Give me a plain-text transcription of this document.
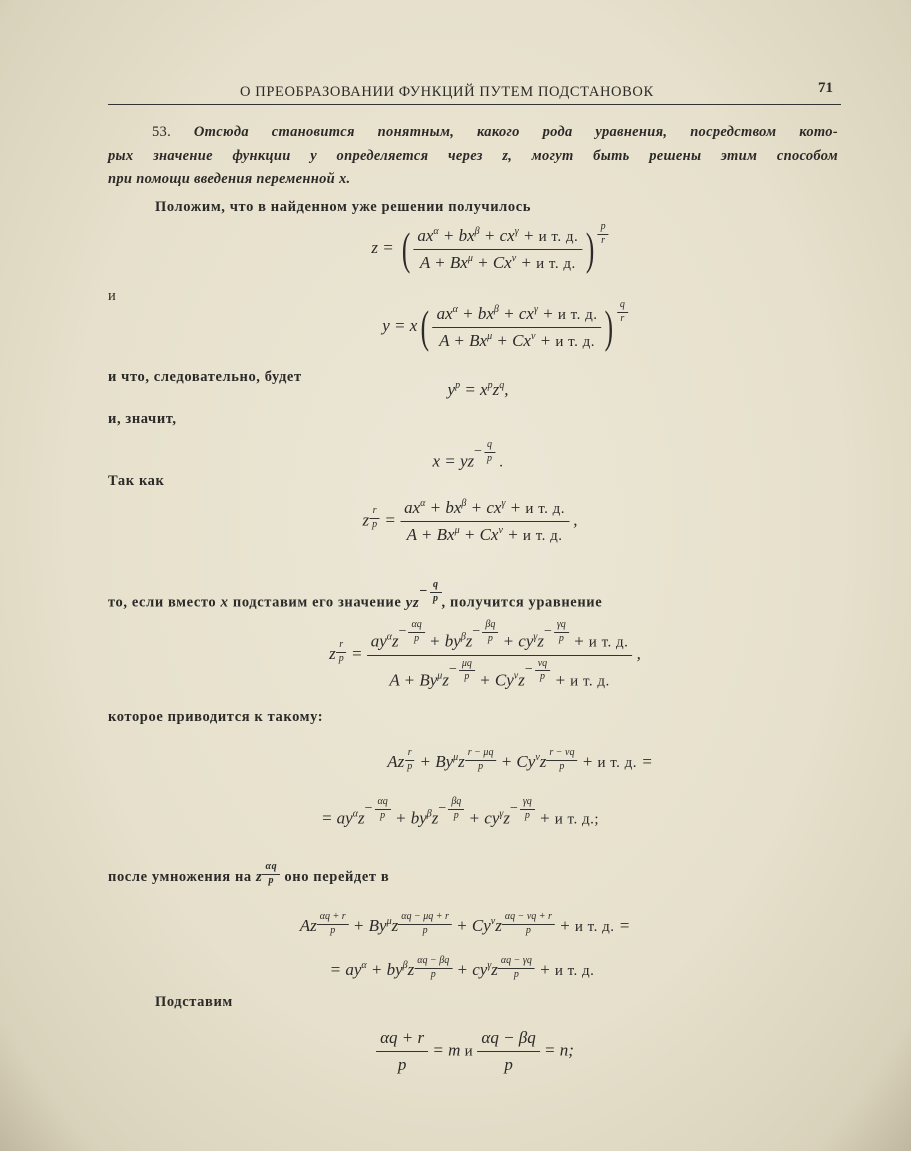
О ПРЕОБРАЗОВАНИИ ФУНКЦИЙ ПУТЕМ ПОДСТАНОВОК	71
53. Отсюда становится понятным, какого рода уравнения, посредством кото-
рых значение функции y определяется через z, могут быть решены этим способом
при помощи введения переменной x.
Положим, что в найденном уже решении получилось
z = ( $ax^\alpha + bx^\beta + cx^\gamma + и$ т. д.
$A + Bx^\mu + Cx^\nu + и$ т. д. ) $\frac{p}{r}$
и
y = x( $ax^\alpha + bx^\beta + cx^\gamma + и$ т. д.
$A + Bx^\mu + Cx^\nu + и$ т. д. ) $\frac{q}{r}$
и что, следовательно, будет
$y^p = x^pz^q$,
и, значит,
x = yz
− $\frac{q}{p}$ .
Так как
z $\frac{r}{p}$ =
$ax^\alpha + bx^\beta + cx^\gamma + и$ т. д.
$A + Bx^\mu + Cx^\nu + и$ т. д.
,
то, если вместо x подставим его значение yz
− $\frac{q}{p}$ , получится уравнение
z $\frac{r}{p}$ =
$ay^\alpha z$
− $\frac{\alpha q}{p} + by^\beta z$
− $\frac{\beta q}{p} + cy^\gamma z$
− $\frac{\gamma q}{p} + и$ т. д.
$A + By^\mu z$
− $\frac{\mu q}{p} + Cy^\nu z$
− $\frac{\nu q}{p} + и$ т. д.
,
которое приводится к такому:
Az $\frac{r}{p} + By^\mu z \frac{r - \mu q}{p} + Cy^\nu z \frac{r - \nu q}{p} + и$ т. д. =
= $ay^\alpha z$
− $\frac{\alpha q}{p} + by^\beta z$
− $\frac{\beta q}{p} + cy^\gamma z$
− $\frac{\gamma q}{p} + и$ т. д.;
после умножения на z $\frac{\alpha q}{p}$ оно перейдет в
Az $\frac{\alpha q + r}{p} + By^\mu z \frac{\alpha q - \mu q + r}{p} + Cy^\nu z \frac{\alpha q - \nu q + r}{p} + и$ т. д. =
= $ay^\alpha + by^\beta z \frac{\alpha q - \beta q}{p} + cy^\gamma z \frac{\alpha q - \gamma q}{p} + и$ т. д.
Подставим
$\frac{\alpha q + r}{p} = m$ и $\frac{\alpha q - \beta q}{p} = n$;
